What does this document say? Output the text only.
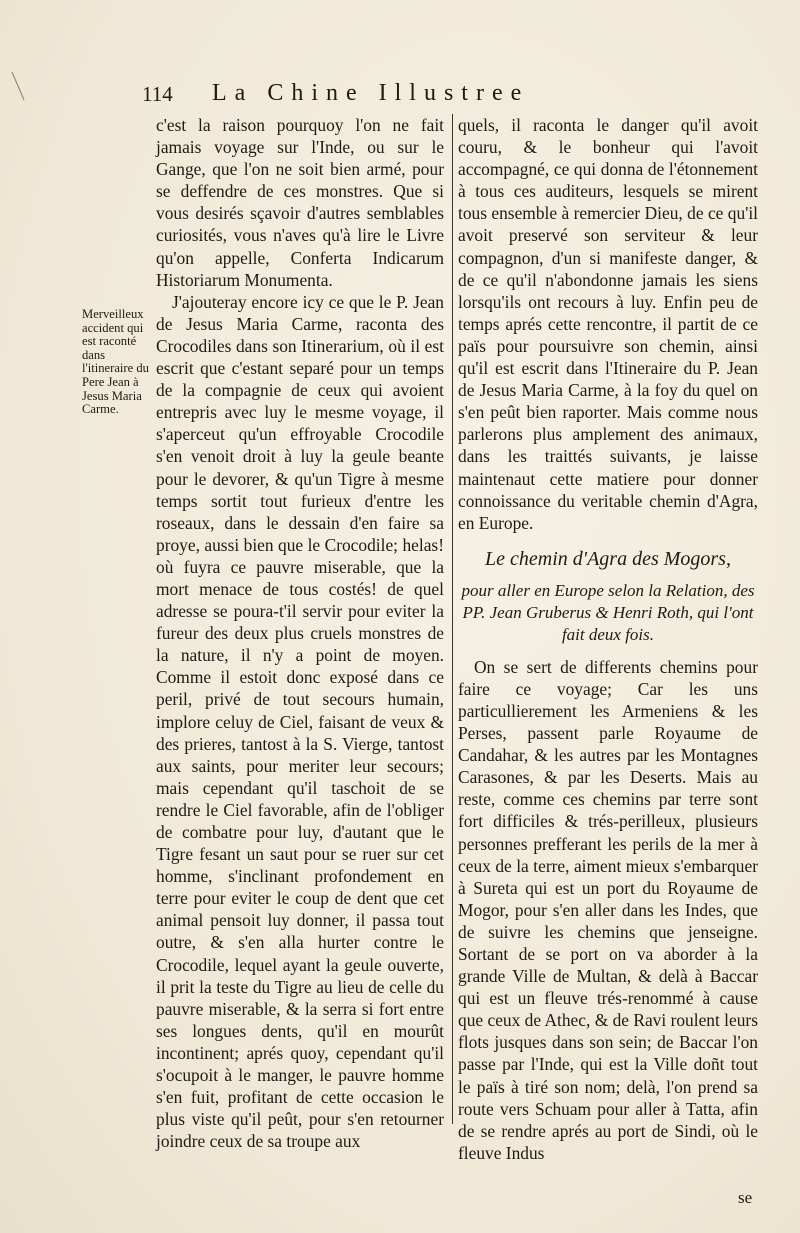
114 La Chine Illustree
Merveilleux accident qui est raconté dans l'itineraire du Pere Jean à Jesus Maria Carme.

c'est la raison pourquoy l'on ne fait jamais voyage sur l'Inde, ou sur le Gange, que l'on ne soit bien armé, pour se deffendre de ces monstres. Que si vous desirés sçavoir d'autres semblables curiosités, vous n'aves qu'à lire le Livre qu'on appelle, Conferta Indicarum Historiarum Monumenta.

J'ajouteray encore icy ce que le P. Jean de Jesus Maria Carme, raconta des Crocodiles dans son Itinerarium, où il est escrit que c'estant separé pour un temps de la compagnie de ceux qui avoient entrepris avec luy le mesme voyage, il s'aperceut qu'un effroyable Crocodile s'en venoit droit à luy la geule beante pour le devorer, & qu'un Tigre à mesme temps sortit tout furieux d'entre les roseaux, dans le dessain d'en faire sa proye, aussi bien que le Crocodile; helas! où fuyra ce pauvre miserable, que la mort menace de tous costés! de quel adresse se poura-t'il servir pour eviter la fureur des deux plus cruels monstres de la nature, il n'y a point de moyen. Comme il estoit donc exposé dans ce peril, privé de tout secours humain, implore celuy de Ciel, faisant de veux & des prieres, tantost à la S. Vierge, tantost aux saints, pour meriter leur secours; mais cependant qu'il taschoit de se rendre le Ciel favorable, afin de l'obliger de combatre pour luy, d'autant que le Tigre fesant un saut pour se ruer sur cet homme, s'inclinant profondement en terre pour eviter le coup de dent que cet animal pensoit luy donner, il passa tout outre, & s'en alla hurter contre le Crocodile, lequel ayant la geule ouverte, il prit la teste du Tigre au lieu de celle du pauvre miserable, & la serra si fort entre ses longues dents, qu'il en mourût incontinent; aprés quoy, cependant qu'il s'ocupoit à le manger, le pauvre homme s'en fuit, profitant de cette occasion le plus viste qu'il peût, pour s'en retourner joindre ceux de sa troupe aux

quels, il raconta le danger qu'il avoit couru, & le bonheur qui l'avoit accompagné, ce qui donna de l'étonnement à tous ces auditeurs, lesquels se mirent tous ensemble à remercier Dieu, de ce qu'il avoit preservé son serviteur & leur compagnon, d'un si manifeste danger, & de ce qu'il n'abondonne jamais les siens lorsqu'ils ont recours à luy. Enfin peu de temps aprés cette rencontre, il partit de ce païs pour poursuivre son chemin, ainsi qu'il est escrit dans l'Itineraire du P. Jean de Jesus Maria Carme, à la foy du quel on s'en peût bien raporter. Mais comme nous parlerons plus amplement des animaux, dans les traittés suivants, je laisse maintenaut cette matiere pour donner connoissance du veritable chemin d'Agra, en Europe.

Le chemin d'Agra des Mogors,
pour aller en Europe selon la Relation, des PP. Jean Gruberus & Henri Roth, qui l'ont fait deux fois.

On se sert de differents chemins pour faire ce voyage; Car les uns particullierement les Armeniens & les Perses, passent parle Royaume de Candahar, & les autres par les Montagnes Carasones, & par les Deserts. Mais au reste, comme ces chemins par terre sont fort difficiles & trés-perilleux, plusieurs personnes prefferant les perils de la mer à ceux de la terre, aiment mieux s'embarquer à Sureta qui est un port du Royaume de Mogor, pour s'en aller dans les Indes, que de suivre les chemins que jenseigne. Sortant de se port on va aborder à la grande Ville de Multan, & delà à Baccar qui est un fleuve trés-renommé à cause que ceux de Athec, & de Ravi roulent leurs flots jusques dans son sein; de Baccar l'on passe par l'Inde, qui est la Ville doñt tout le païs à tiré son nom; delà, l'on prend sa route vers Schuam pour aller à Tatta, afin de se rendre aprés au port de Sindi, où le fleuve Indus

se
